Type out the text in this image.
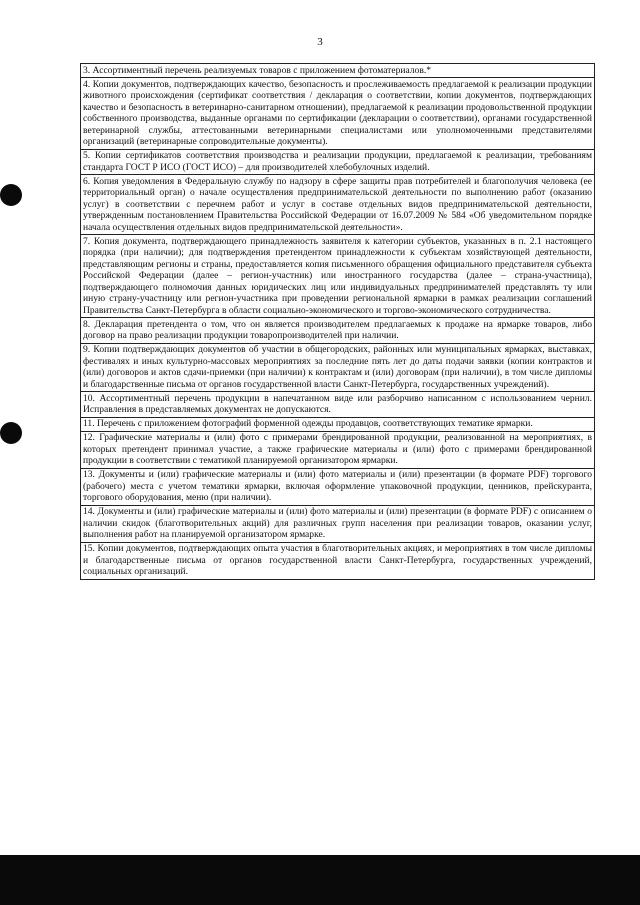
3
3. Ассортиментный перечень реализуемых товаров с приложением фотоматериалов.*
4. Копии документов, подтверждающих качество, безопасность и прослеживаемость предлагаемой к реализации продукции животного происхождения (сертификат соответствия / декларация о соответствии, копии документов, подтверждающих качество и безопасность в ветеринарно-санитарном отношении), предлагаемой к реализации продовольственной продукции собственного производства, выданные органами по сертификации (декларации о соответствии), органами государственной ветеринарной службы, аттестованными ветеринарными специалистами или уполномоченными представителями организаций (ветеринарные сопроводительные документы).
5. Копии сертификатов соответствия производства и реализации продукции, предлагаемой к реализации, требованиям стандарта ГОСТ Р ИСО (ГОСТ ИСО) – для производителей хлебобулочных изделий.
6. Копия уведомления в Федеральную службу по надзору в сфере защиты прав потребителей и благополучия человека (ее территориальный орган) о начале осуществления предпринимательской деятельности по выполнению работ (оказанию услуг) в соответствии с перечнем работ и услуг в составе отдельных видов предпринимательской деятельности, утвержденным постановлением Правительства Российской Федерации от 16.07.2009 № 584 «Об уведомительном порядке начала осуществления отдельных видов предпринимательской деятельности».
7. Копия документа, подтверждающего принадлежность заявителя к категории субъектов, указанных в п. 2.1 настоящего порядка (при наличии); для подтверждения претендентом принадлежности к субъектам хозяйствующей деятельности, представляющим регионы и страны, предоставляется копия письменного обращения официального представителя субъекта Российской Федерации (далее – регион-участник) или иностранного государства (далее – страна-участница), подтверждающего полномочия данных юридических лиц или индивидуальных предпринимателей представлять ту или иную страну-участницу или регион-участника при проведении региональной ярмарки в рамках реализации соглашений Правительства Санкт-Петербурга в области социально-экономического и торгово-экономического сотрудничества.
8. Декларация претендента о том, что он является производителем предлагаемых к продаже на ярмарке товаров, либо договор на право реализации продукции товаропроизводителей при наличии.
9. Копии подтверждающих документов об участии в общегородских, районных или муниципальных ярмарках, выставках, фестивалях и иных культурно-массовых мероприятиях за последние пять лет до даты подачи заявки (копии контрактов и (или) договоров и актов сдачи-приемки (при наличии) к контрактам и (или) договорам (при наличии), в том числе дипломы и благодарственные письма от органов государственной власти Санкт-Петербурга, государственных учреждений).
10. Ассортиментный перечень продукции в напечатанном виде или разборчиво написанном с использованием чернил. Исправления в представляемых документах не допускаются.
11. Перечень с приложением фотографий форменной одежды продавцов, соответствующих тематике ярмарки.
12. Графические материалы и (или) фото с примерами брендированной продукции, реализованной на мероприятиях, в которых претендент принимал участие, а также графические материалы и (или) фото с примерами брендированной продукции в соответствии с тематикой планируемой организатором ярмарки.
13. Документы и (или) графические материалы и (или) фото материалы и (или) презентации (в формате PDF) торгового (рабочего) места с учетом тематики ярмарки, включая оформление упаковочной продукции, ценников, прейскуранта, торгового оборудования, меню (при наличии).
14. Документы и (или) графические материалы и (или) фото материалы и (или) презентации (в формате PDF) с описанием о наличии скидок (благотворительных акций) для различных групп населения при реализации товаров, оказании услуг, выполнения работ на планируемой организатором ярмарке.
15. Копии документов, подтверждающих опыта участия в благотворительных акциях, и мероприятиях в том числе дипломы и благодарственные письма от органов государственной власти Санкт-Петербурга, государственных учреждений, социальных организаций.
